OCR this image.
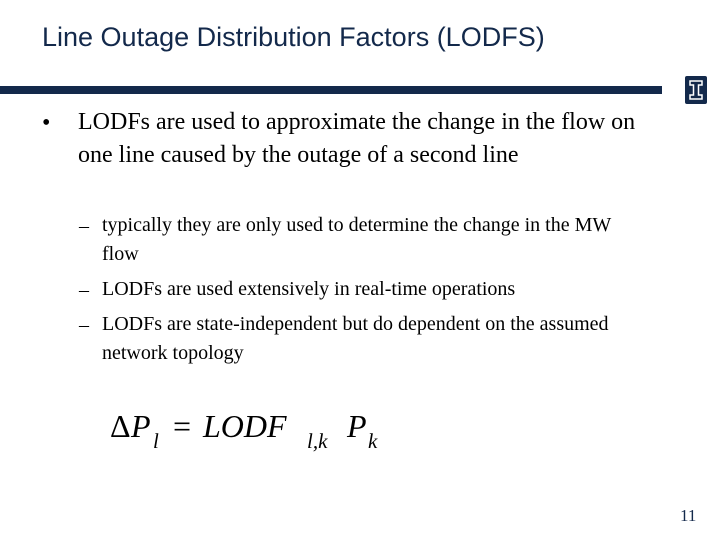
Line Outage Distribution Factors (LODFS)
• LODFs are used to approximate the change in the flow on one line caused by the outage of a second line
– typically they are only used to determine the change in the MW flow
– LODFs are used extensively in real-time operations
– LODFs are state-independent but do dependent on the assumed network topology
Δ P l = LODF l,k P k
11
